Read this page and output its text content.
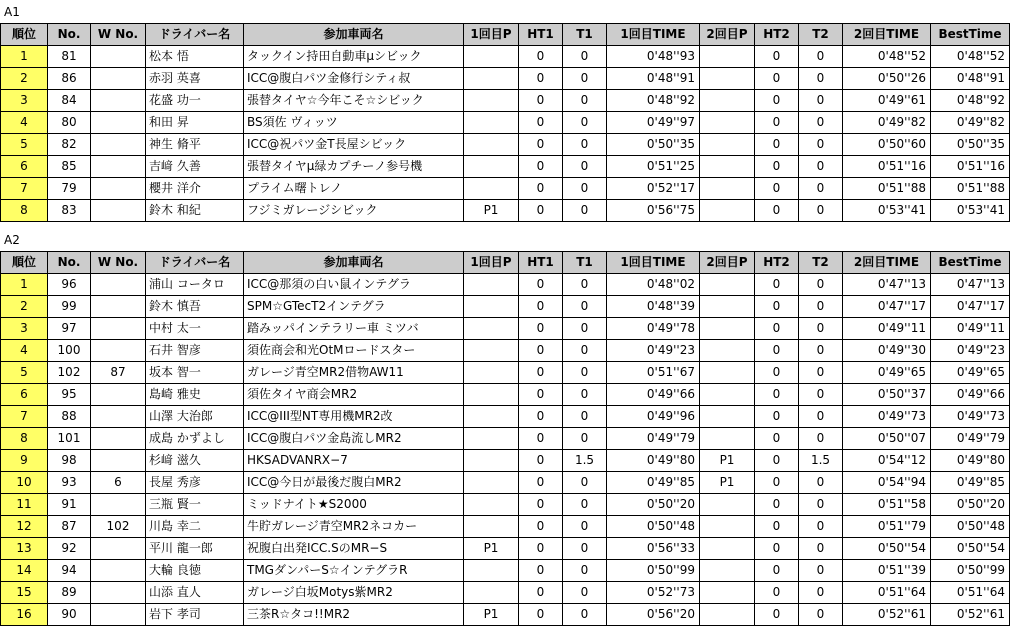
A1
順位	No.	W No.	ドライバー名	参加車両名	1回目P	HT1	T1	1回目TIME	2回目P	HT2	T2	2回目TIME	BestTime
1	81		松本 悟	タックイン持田自動車μシビック		0	0	0'48''93		0	0	0'48''52	0'48''52
2	86		赤羽 英喜	ICC@腹白パツ金修行シティ叔		0	0	0'48''91		0	0	0'50''26	0'48''91
3	84		花盛 功一	張替タイヤ☆今年こそ☆シビック		0	0	0'48''92		0	0	0'49''61	0'48''92
4	80		和田 昇	BS須佐 ヴィッツ		0	0	0'49''97		0	0	0'49''82	0'49''82
5	82		神生 脩平	ICC@祝パツ金T長屋シビック		0	0	0'50''35		0	0	0'50''60	0'50''35
6	85		吉﨑 久善	張替タイヤμ緑カプチーノ参号機		0	0	0'51''25		0	0	0'51''16	0'51''16
7	79		櫻井 洋介	プライム曙トレノ		0	0	0'52''17		0	0	0'51''88	0'51''88
8	83		鈴木 和紀	フジミガレージシビック	P1	0	0	0'56''75		0	0	0'53''41	0'53''41
A2
順位	No.	W No.	ドライバー名	参加車両名	1回目P	HT1	T1	1回目TIME	2回目P	HT2	T2	2回目TIME	BestTime
1	96		浦山 コータロ	ICC@那須の白い鼠インテグラ		0	0	0'48''02		0	0	0'47''13	0'47''13
2	99		鈴木 慎吾	SPM☆GTecT2インテグラ		0	0	0'48''39		0	0	0'47''17	0'47''17
3	97		中村 太一	踏みッパインテラリー車 ミツバ		0	0	0'49''78		0	0	0'49''11	0'49''11
4	100		石井 智彦	須佐商会和光OtMロードスター		0	0	0'49''23		0	0	0'49''30	0'49''23
5	102	87	坂本 智一	ガレージ青空MR2借物AW11		0	0	0'51''67		0	0	0'49''65	0'49''65
6	95		島崎 雅史	須佐タイヤ商会MR2		0	0	0'49''66		0	0	0'50''37	0'49''66
7	88		山澤 大治郎	ICC@III型NT専用機MR2改		0	0	0'49''96		0	0	0'49''73	0'49''73
8	101		成島 かずよし	ICC@腹白パツ金島流しMR2		0	0	0'49''79		0	0	0'50''07	0'49''79
9	98		杉﨑 滋久	HKSADVANRX−7		0	1.5	0'49''80	P1	0	1.5	0'54''12	0'49''80
10	93	6	長屋 秀彦	ICC@今日が最後だ腹白MR2		0	0	0'49''85	P1	0	0	0'54''94	0'49''85
11	91		三瓶 賢一	ミッドナイト★S2000		0	0	0'50''20		0	0	0'51''58	0'50''20
12	87	102	川島 幸二	牛貯ガレージ青空MR2ネコカー		0	0	0'50''48		0	0	0'51''79	0'50''48
13	92		平川 龍一郎	祝腹白出発ICC.SのMR−S	P1	0	0	0'56''33		0	0	0'50''54	0'50''54
14	94		大輪 良徳	TMGダンパーS☆インテグラR		0	0	0'50''99		0	0	0'51''39	0'50''99
15	89		山添 直人	ガレージ白坂Motys紫MR2		0	0	0'52''73		0	0	0'51''64	0'51''64
16	90		岩下 孝司	三茶R☆タコ!!MR2	P1	0	0	0'56''20		0	0	0'52''61	0'52''61
